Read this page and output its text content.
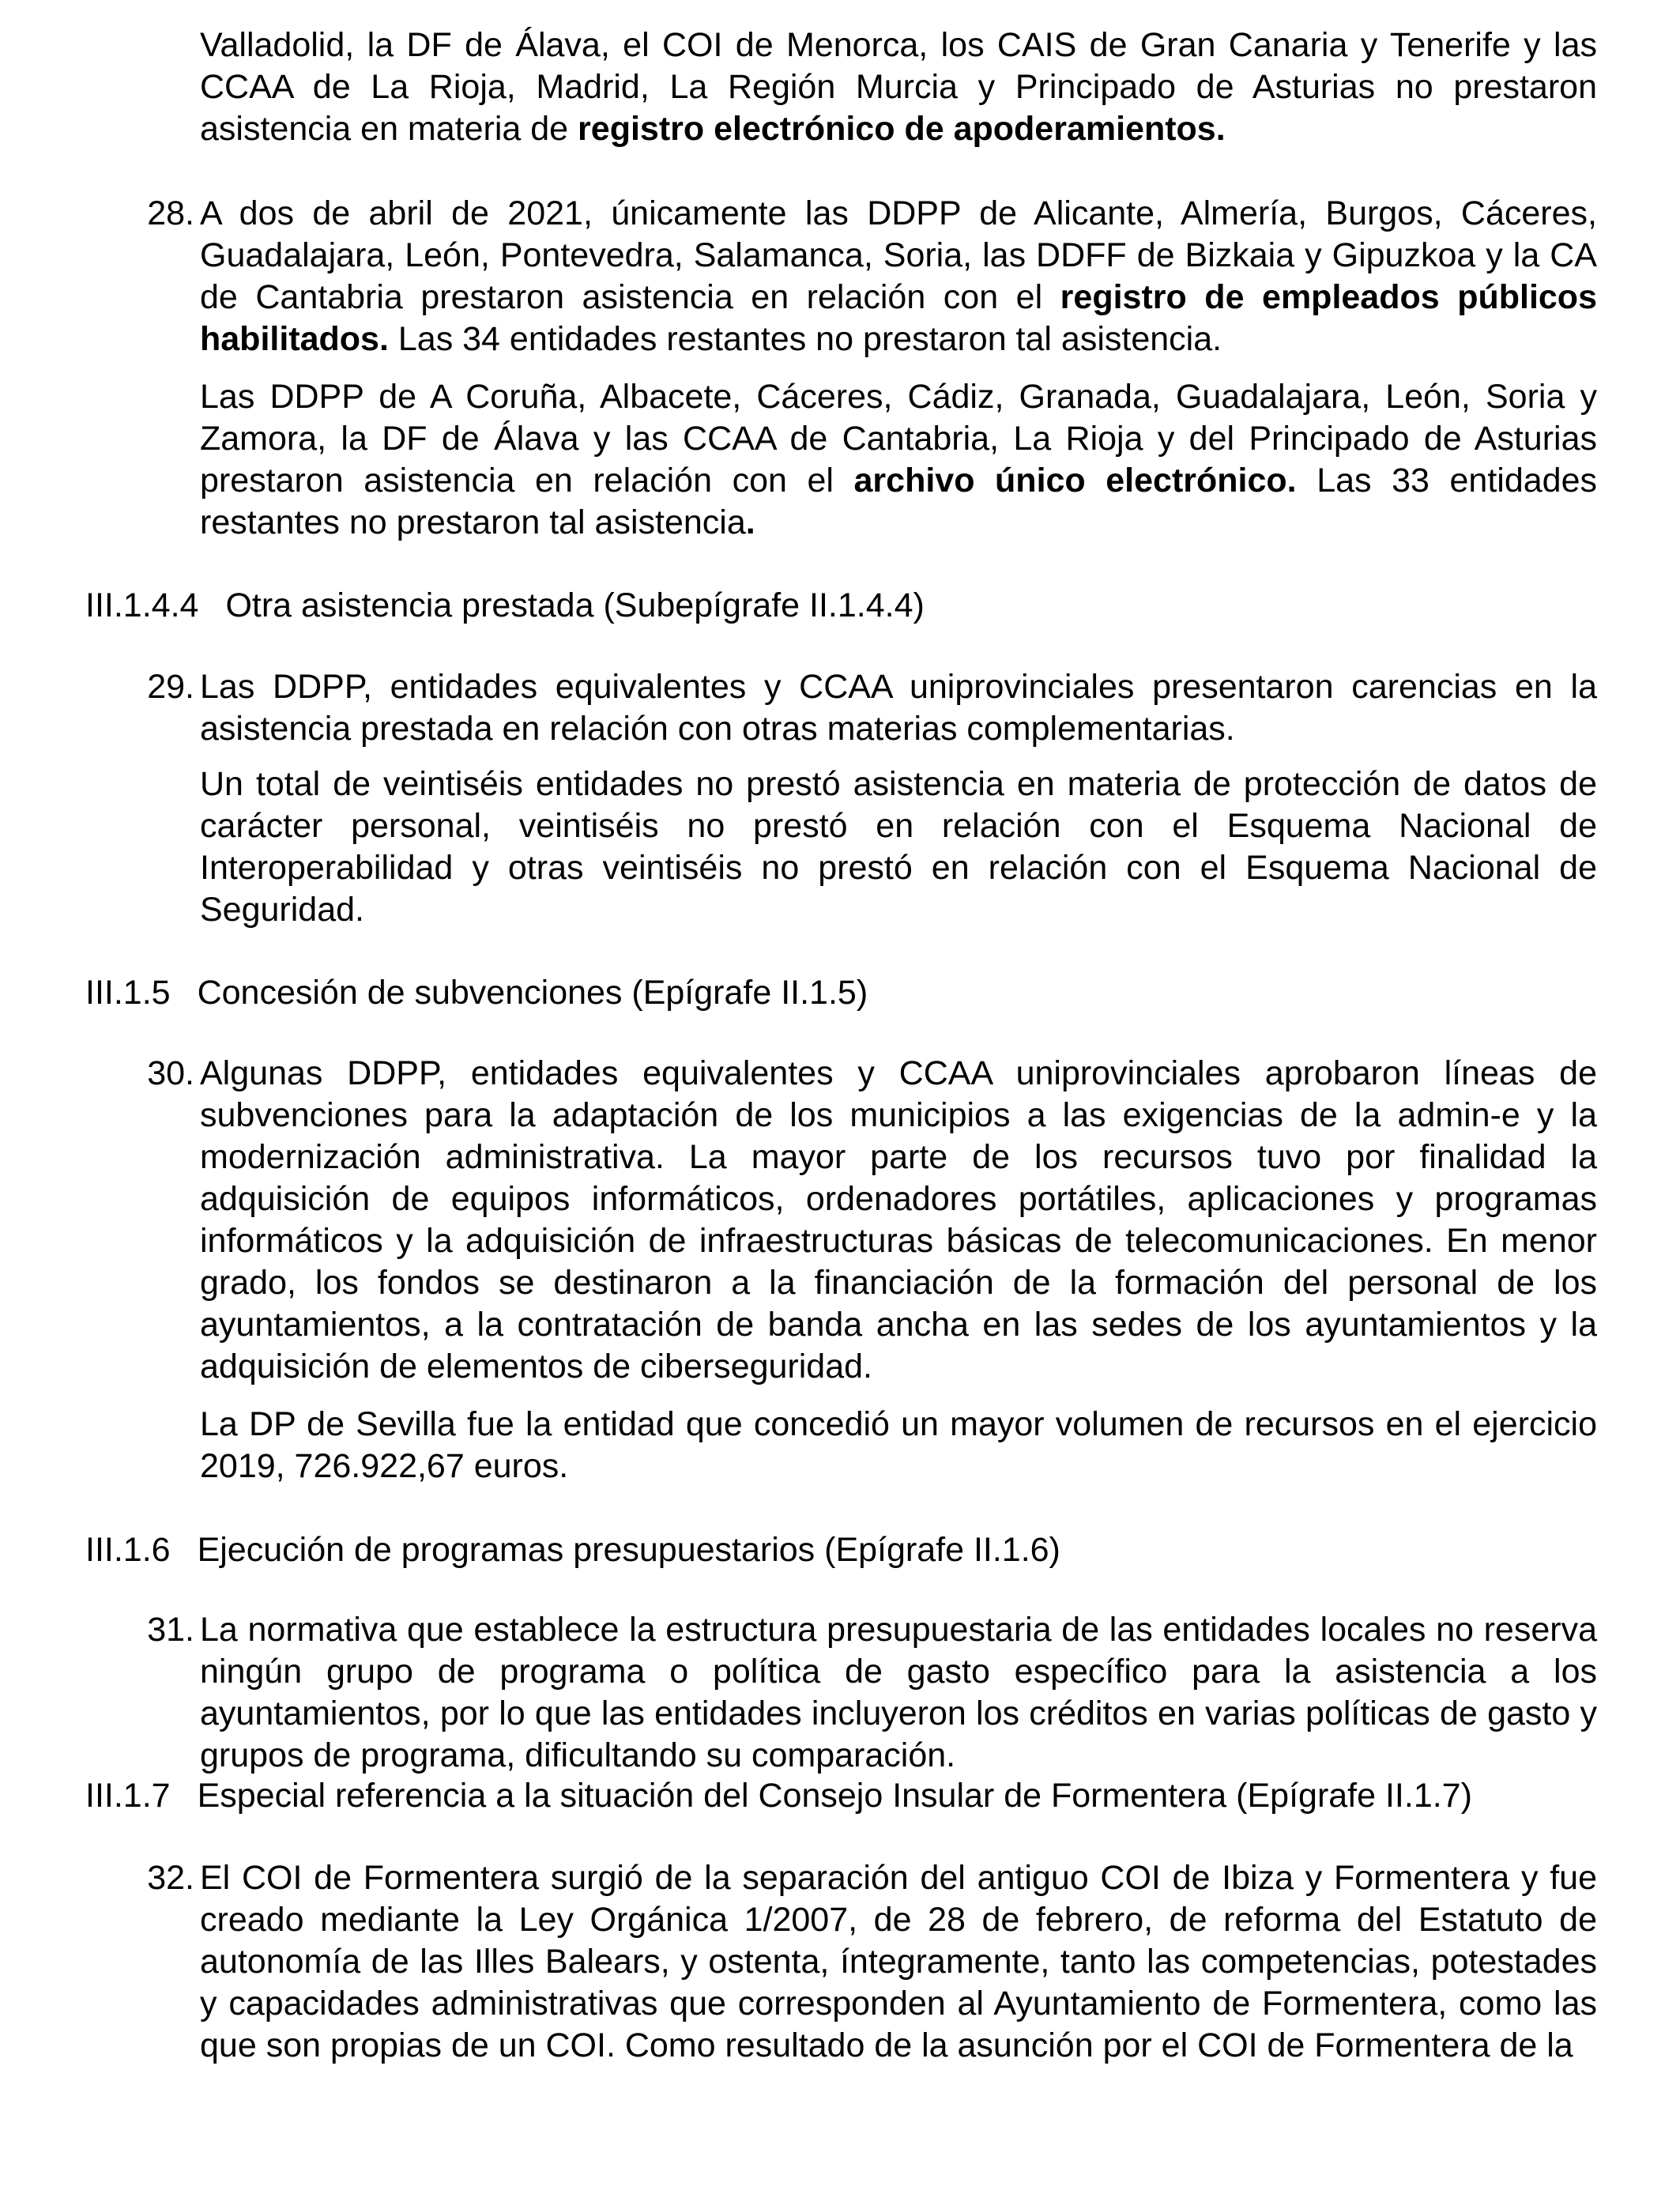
Valladolid, la DF de Álava, el COI de Menorca, los CAIS de Gran Canaria y Tenerife y las CCAA de La Rioja, Madrid, La Región Murcia y Principado de Asturias no prestaron asistencia en materia de registro electrónico de apoderamientos.
28. A dos de abril de 2021, únicamente las DDPP de Alicante, Almería, Burgos, Cáceres, Guadalajara, León, Pontevedra, Salamanca, Soria, las DDFF de Bizkaia y Gipuzkoa y la CA de Cantabria prestaron asistencia en relación con el registro de empleados públicos habilitados. Las 34 entidades restantes no prestaron tal asistencia.
Las DDPP de A Coruña, Albacete, Cáceres, Cádiz, Granada, Guadalajara, León, Soria y Zamora, la DF de Álava y las CCAA de Cantabria, La Rioja y del Principado de Asturias prestaron asistencia en relación con el archivo único electrónico. Las 33 entidades restantes no prestaron tal asistencia.
III.1.4.4 Otra asistencia prestada (Subepígrafe II.1.4.4)
29. Las DDPP, entidades equivalentes y CCAA uniprovinciales presentaron carencias en la asistencia prestada en relación con otras materias complementarias.
Un total de veintiséis entidades no prestó asistencia en materia de protección de datos de carácter personal, veintiséis no prestó en relación con el Esquema Nacional de Interoperabilidad y otras veintiséis no prestó en relación con el Esquema Nacional de Seguridad.
III.1.5 Concesión de subvenciones (Epígrafe II.1.5)
30. Algunas DDPP, entidades equivalentes y CCAA uniprovinciales aprobaron líneas de subvenciones para la adaptación de los municipios a las exigencias de la admin-e y la modernización administrativa. La mayor parte de los recursos tuvo por finalidad la adquisición de equipos informáticos, ordenadores portátiles, aplicaciones y programas informáticos y la adquisición de infraestructuras básicas de telecomunicaciones. En menor grado, los fondos se destinaron a la financiación de la formación del personal de los ayuntamientos, a la contratación de banda ancha en las sedes de los ayuntamientos y la adquisición de elementos de ciberseguridad.
La DP de Sevilla fue la entidad que concedió un mayor volumen de recursos en el ejercicio 2019, 726.922,67 euros.
III.1.6 Ejecución de programas presupuestarios (Epígrafe II.1.6)
31. La normativa que establece la estructura presupuestaria de las entidades locales no reserva ningún grupo de programa o política de gasto específico para la asistencia a los ayuntamientos, por lo que las entidades incluyeron los créditos en varias políticas de gasto y grupos de programa, dificultando su comparación.
III.1.7 Especial referencia a la situación del Consejo Insular de Formentera (Epígrafe II.1.7)
32. El COI de Formentera surgió de la separación del antiguo COI de Ibiza y Formentera y fue creado mediante la Ley Orgánica 1/2007, de 28 de febrero, de reforma del Estatuto de autonomía de las Illes Balears, y ostenta, íntegramente, tanto las competencias, potestades y capacidades administrativas que corresponden al Ayuntamiento de Formentera, como las que son propias de un COI. Como resultado de la asunción por el COI de Formentera de la
